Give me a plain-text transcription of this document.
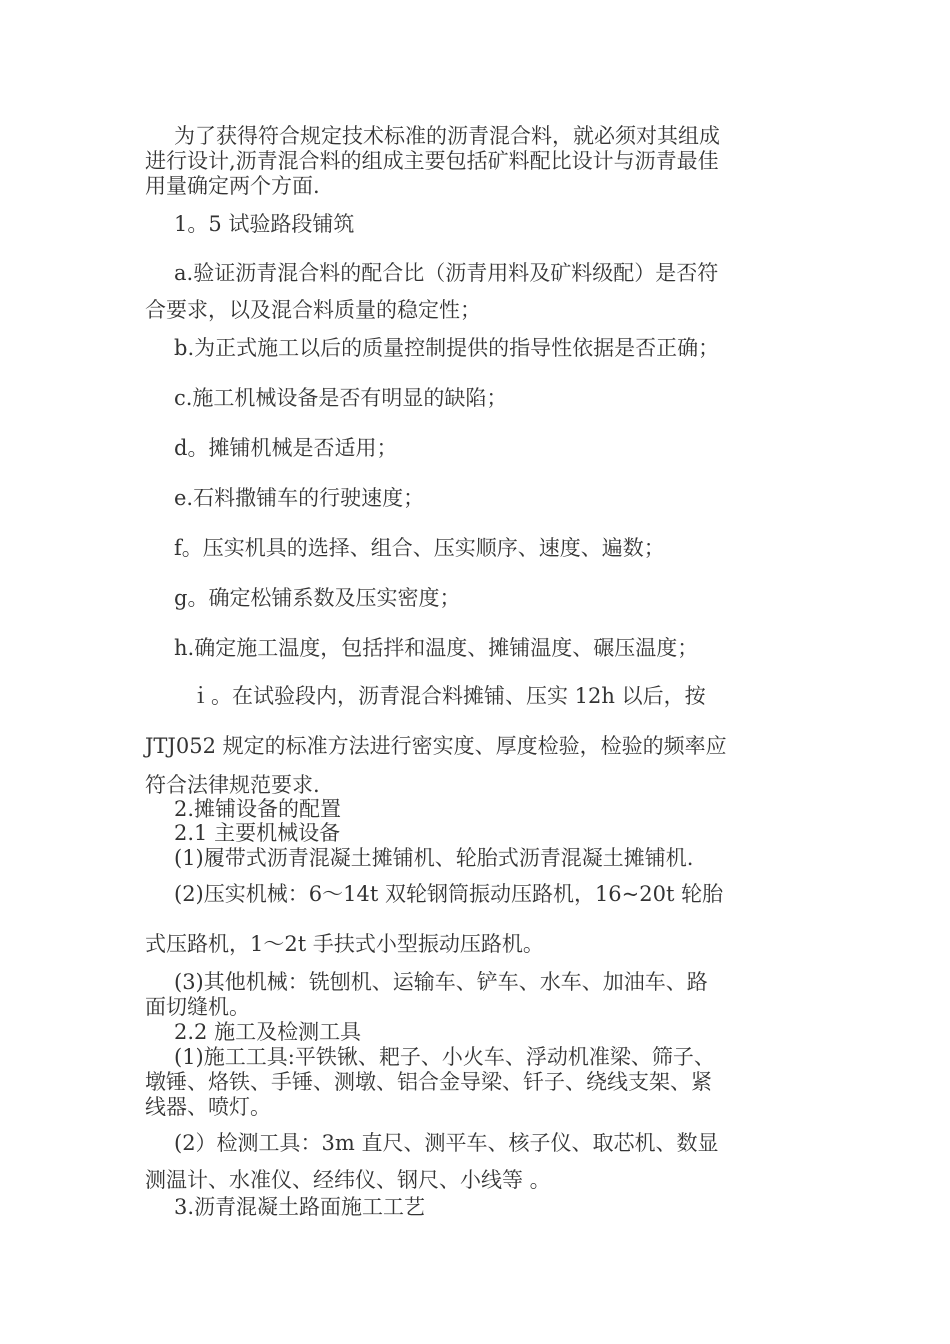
为了获得符合规定技术标准的沥青混合料，就必须对其组成
进行设计,沥青混合料的组成主要包括矿料配比设计与沥青最佳
用量确定两个方面.
1。5 试验路段铺筑
a.验证沥青混合料的配合比（沥青用料及矿料级配）是否符
合要求，以及混合料质量的稳定性；
b.为正式施工以后的质量控制提供的指导性依据是否正确；
c.施工机械设备是否有明显的缺陷；
d。摊铺机械是否适用；
e.石料撒铺车的行驶速度；
f。压实机具的选择、组合、压实顺序、速度、遍数；
g。确定松铺系数及压实密度；
h.确定施工温度，包括拌和温度、摊铺温度、碾压温度；
ｉ。在试验段内，沥青混合料摊铺、压实 12h 以后，按
JTJ052 规定的标准方法进行密实度、厚度检验，检验的频率应
符合法律规范要求.
2.摊铺设备的配置
2.1 主要机械设备
(1)履带式沥青混凝土摊铺机、轮胎式沥青混凝土摊铺机.
(2)压实机械：6～14t 双轮钢筒振动压路机，16~20t 轮胎
式压路机，1～2t 手扶式小型振动压路机。
(3)其他机械：铣刨机、运输车、铲车、水车、加油车、路
面切缝机。
2.2 施工及检测工具
(1)施工工具:平铁锹、耙子、小火车、浮动机准梁、筛子、
墩锤、烙铁、手锤、测墩、铝合金导梁、钎子、绕线支架、紧
线器、喷灯。
(2）检测工具：3m 直尺、测平车、核子仪、取芯机、数显
测温计、水准仪、经纬仪、钢尺、小线等 。
3.沥青混凝土路面施工工艺
